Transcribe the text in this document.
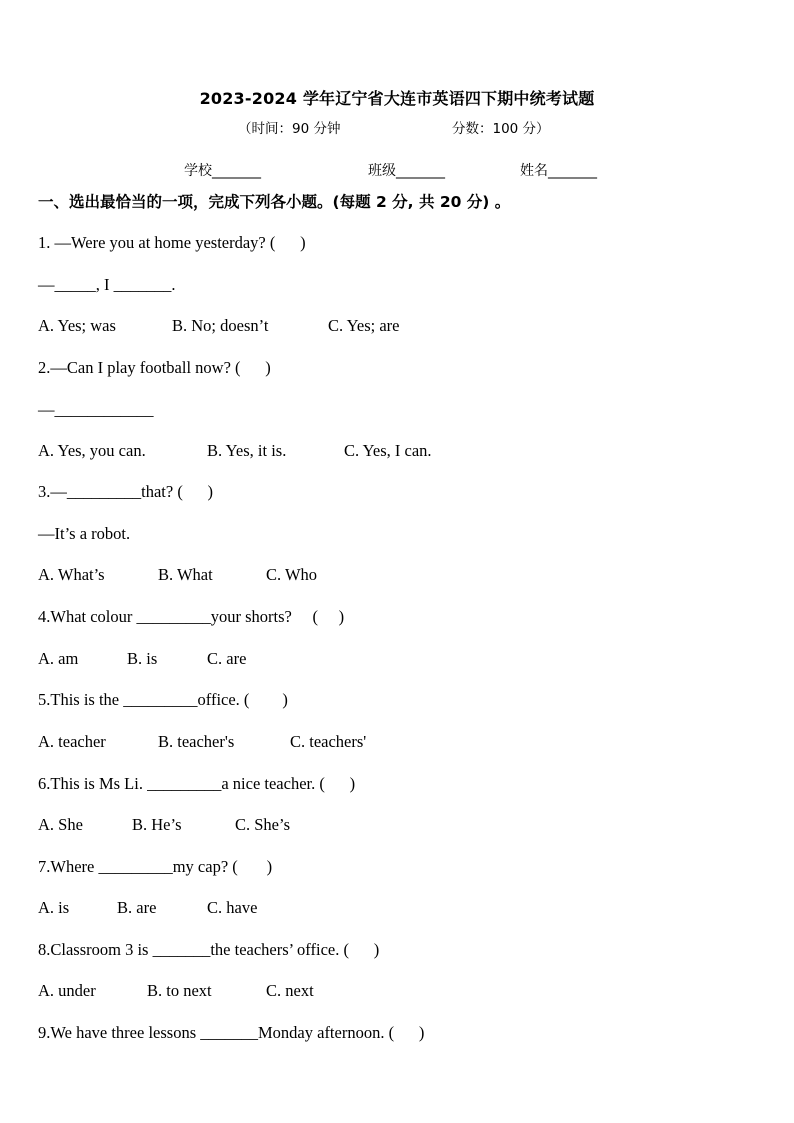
2023-2024 学年辽宁省大连市英语四下期中统考试题
（时间：90 分钟	分数：100 分）
学校_______	班级_______	姓名_______
一、选出最恰当的一项，完成下列各小题。(每题 2 分, 共 20 分) 。
1. —Were you at home yesterday? (      )
—_____, I _______.
A. Yes; was	B. No; doesn’t	C. Yes; are
2.—Can I play football now? (      )
—____________
A. Yes, you can.	B. Yes, it is.	C. Yes, I can.
3.—_________that? (      )
—It’s a robot.
A. What’s	B. What	C. Who
4.What colour _________your shorts?     (     )
A. am	B. is	C. are
5.This is the _________office. (        )
A. teacher	B. teacher's	C. teachers'
6.This is Ms Li. _________a nice teacher. (      )
A. She	B. He’s	C. She’s
7.Where _________my cap? (       )
A. is	B. are	C. have
8.Classroom 3 is _______the teachers’ office. (      )
A. under	B. to next	C. next
9.We have three lessons _______Monday afternoon. (      )
